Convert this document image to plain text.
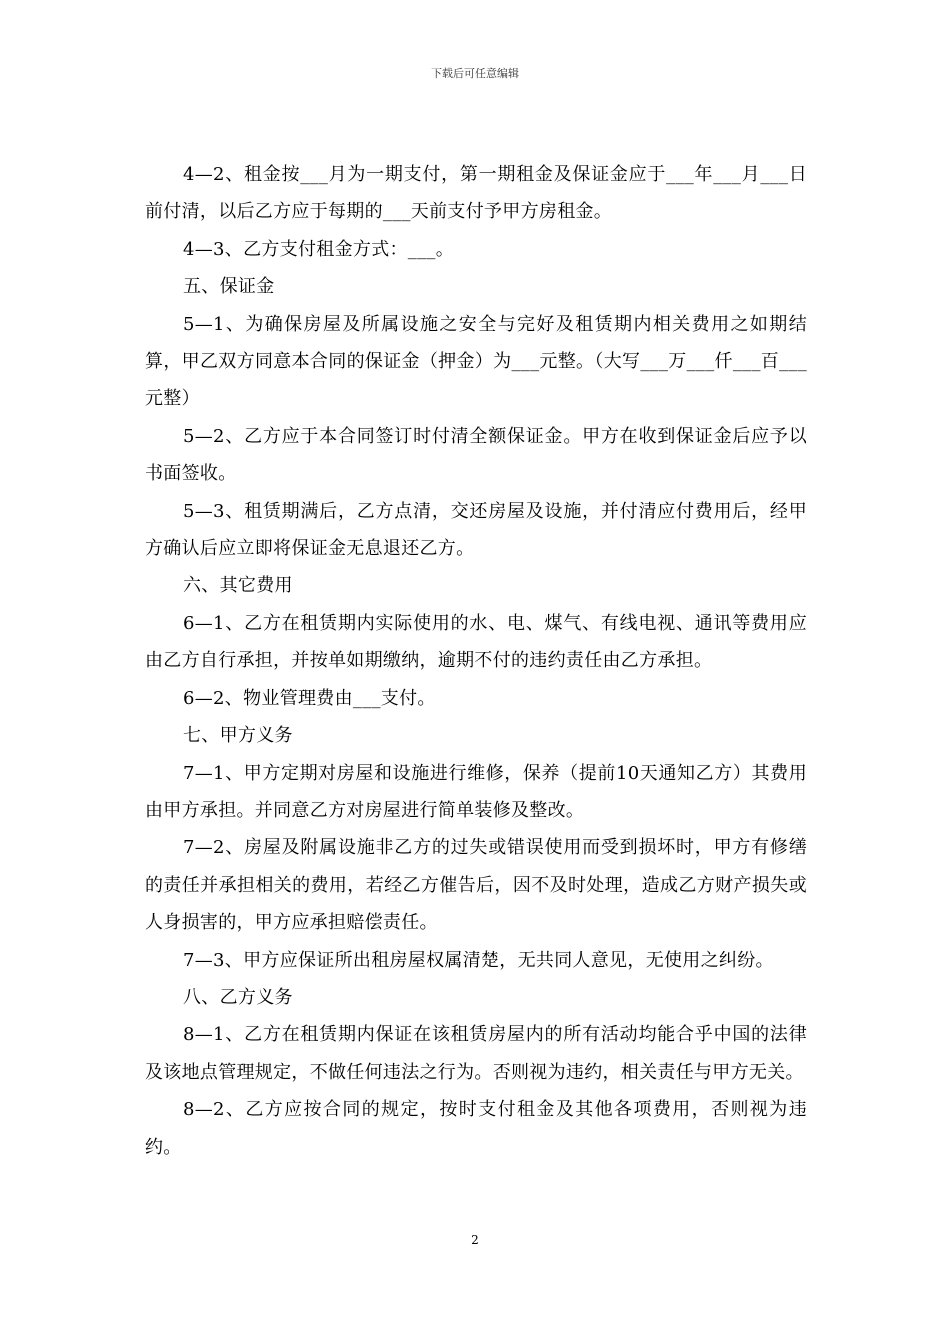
下载后可任意编辑

4—2、租金按___月为一期支付，第一期租金及保证金应于___年___月___日前付清，以后乙方应于每期的___天前支付予甲方房租金。

4—3、乙方支付租金方式：___。

五、保证金

5—1、为确保房屋及所属设施之安全与完好及租赁期内相关费用之如期结算，甲乙双方同意本合同的保证金（押金）为___元整。（大写___万___仟___百___元整）

5—2、乙方应于本合同签订时付清全额保证金。甲方在收到保证金后应予以书面签收。

5—3、租赁期满后，乙方点清，交还房屋及设施，并付清应付费用后，经甲方确认后应立即将保证金无息退还乙方。

六、其它费用

6—1、乙方在租赁期内实际使用的水、电、煤气、有线电视、通讯等费用应由乙方自行承担，并按单如期缴纳，逾期不付的违约责任由乙方承担。

6—2、物业管理费由___支付。

七、甲方义务

7—1、甲方定期对房屋和设施进行维修，保养（提前10天通知乙方）其费用由甲方承担。并同意乙方对房屋进行简单装修及整改。

7—2、房屋及附属设施非乙方的过失或错误使用而受到损坏时，甲方有修缮的责任并承担相关的费用，若经乙方催告后，因不及时处理，造成乙方财产损失或人身损害的，甲方应承担赔偿责任。

7—3、甲方应保证所出租房屋权属清楚，无共同人意见，无使用之纠纷。

八、乙方义务

8—1、乙方在租赁期内保证在该租赁房屋内的所有活动均能合乎中国的法律及该地点管理规定，不做任何违法之行为。否则视为违约，相关责任与甲方无关。

8—2、乙方应按合同的规定，按时支付租金及其他各项费用，否则视为违约。

2
